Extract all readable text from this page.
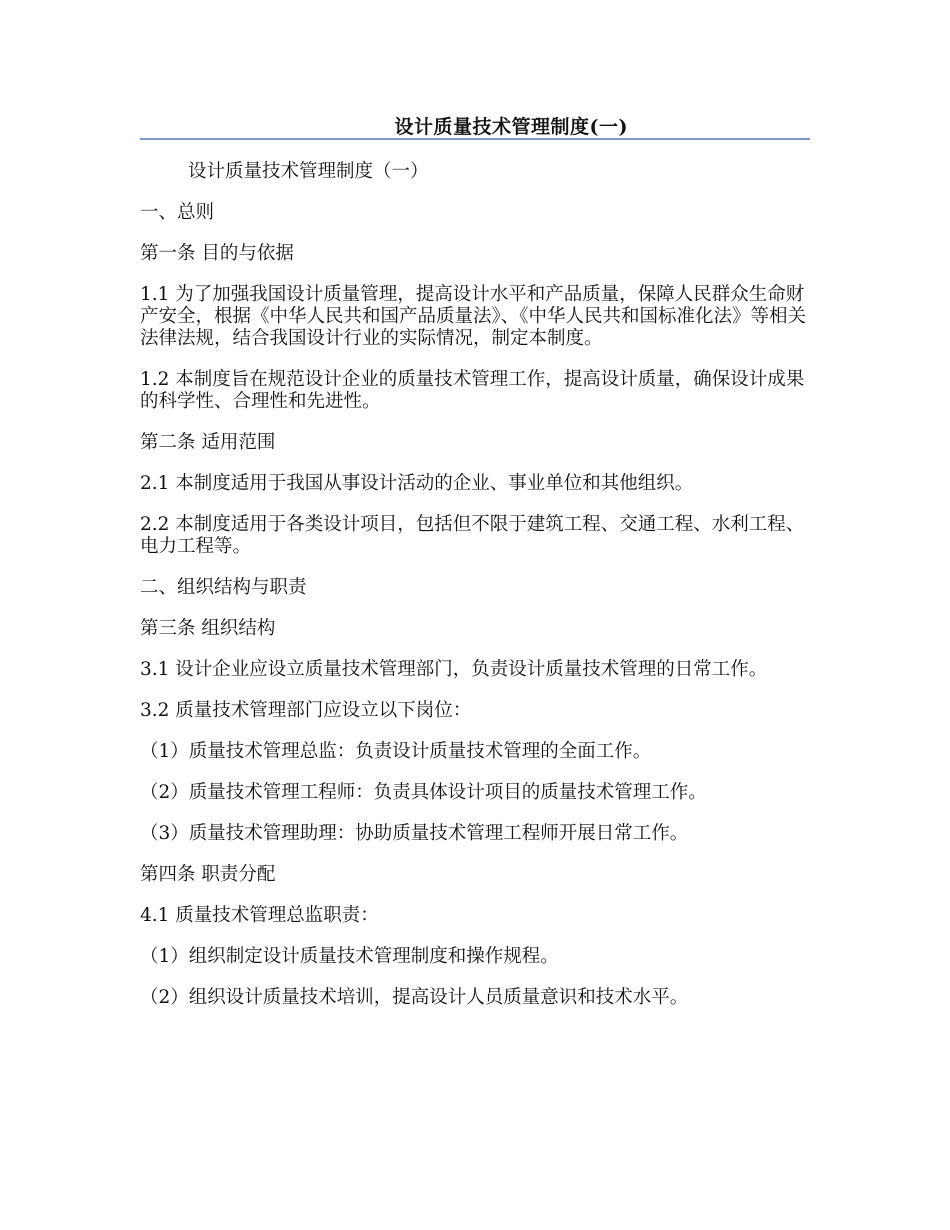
设计质量技术管理制度(一)

设计质量技术管理制度（一）

一、总则

第一条 目的与依据

1.1 为了加强我国设计质量管理，提高设计水平和产品质量，保障人民群众生命财产安全，根据《中华人民共和国产品质量法》、《中华人民共和国标准化法》等相关法律法规，结合我国设计行业的实际情况，制定本制度。

1.2 本制度旨在规范设计企业的质量技术管理工作，提高设计质量，确保设计成果的科学性、合理性和先进性。

第二条 适用范围

2.1 本制度适用于我国从事设计活动的企业、事业单位和其他组织。

2.2 本制度适用于各类设计项目，包括但不限于建筑工程、交通工程、水利工程、电力工程等。

二、组织结构与职责

第三条 组织结构

3.1 设计企业应设立质量技术管理部门，负责设计质量技术管理的日常工作。

3.2 质量技术管理部门应设立以下岗位：

（1）质量技术管理总监：负责设计质量技术管理的全面工作。

（2）质量技术管理工程师：负责具体设计项目的质量技术管理工作。

（3）质量技术管理助理：协助质量技术管理工程师开展日常工作。

第四条 职责分配

4.1 质量技术管理总监职责：

（1）组织制定设计质量技术管理制度和操作规程。

（2）组织设计质量技术培训，提高设计人员质量意识和技术水平。
